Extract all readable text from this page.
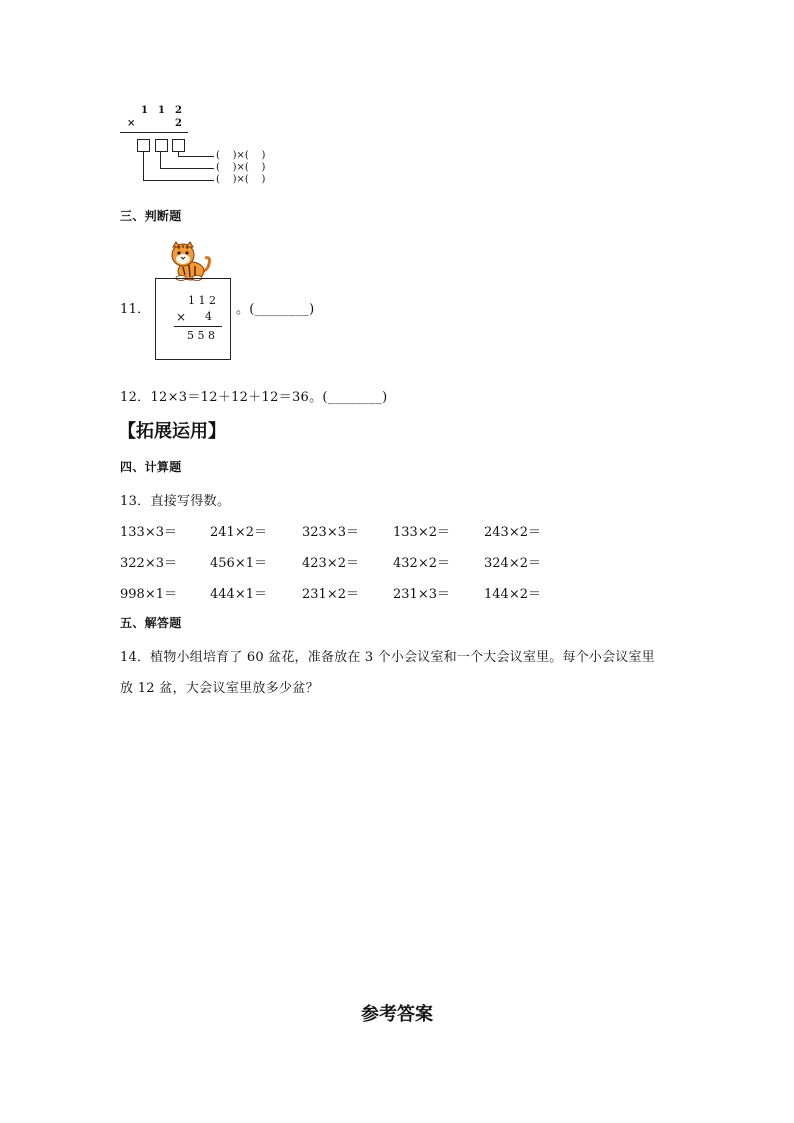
1 1 2
×	2
(    )×(    )
(    )×(    )
(    )×(    )
三、判断题
11．
1 1 2
× 4
5 5 8
。(________)
12．12×3＝12＋12＋12＝36。(________)
【拓展运用】
四、计算题
13．直接写得数。
133×3＝	241×2＝	323×3＝	133×2＝	243×2＝
322×3＝	456×1＝	423×2＝	432×2＝	324×2＝
998×1＝	444×1＝	231×2＝	231×3＝	144×2＝
五、解答题
14．植物小组培育了 60 盆花，准备放在 3 个小会议室和一个大会议室里。每个小会议室里
放 12 盆，大会议室里放多少盆？
参考答案
